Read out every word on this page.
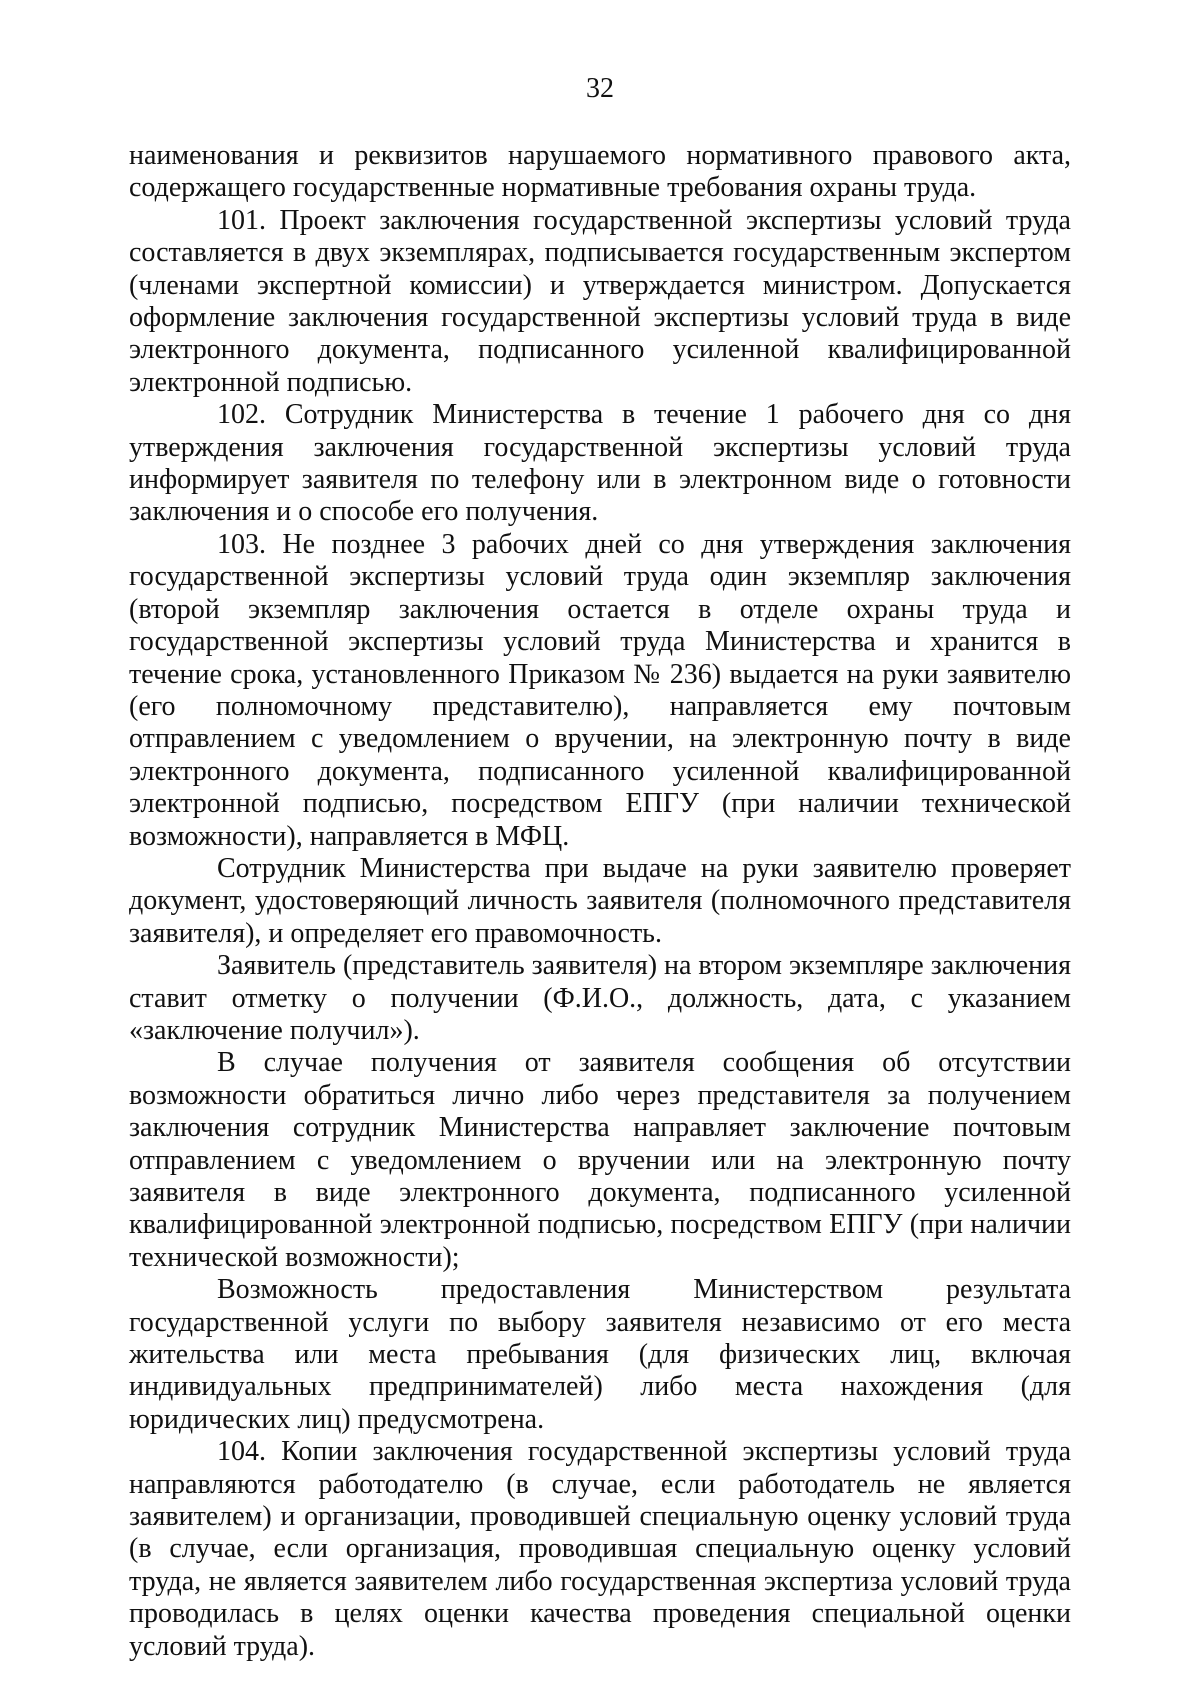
32

наименования и реквизитов нарушаемого нормативного правового акта, содержащего государственные нормативные требования охраны труда.

101. Проект заключения государственной экспертизы условий труда составляется в двух экземплярах, подписывается государственным экспертом (членами экспертной комиссии) и утверждается министром. Допускается оформление заключения государственной экспертизы условий труда в виде электронного документа, подписанного усиленной квалифицированной электронной подписью.

102. Сотрудник Министерства в течение 1 рабочего дня со дня утверждения заключения государственной экспертизы условий труда информирует заявителя по телефону или в электронном виде о готовности заключения и о способе его получения.

103. Не позднее 3 рабочих дней со дня утверждения заключения государственной экспертизы условий труда один экземпляр заключения (второй экземпляр заключения остается в отделе охраны труда и государственной экспертизы условий труда Министерства и хранится в течение срока, установленного Приказом № 236) выдается на руки заявителю (его полномочному представителю), направляется ему почтовым отправлением с уведомлением о вручении, на электронную почту в виде электронного документа, подписанного усиленной квалифицированной электронной подписью, посредством ЕПГУ (при наличии технической возможности), направляется в МФЦ.

Сотрудник Министерства при выдаче на руки заявителю проверяет документ, удостоверяющий личность заявителя (полномочного представителя заявителя), и определяет его правомочность.

Заявитель (представитель заявителя) на втором экземпляре заключения ставит отметку о получении (Ф.И.О., должность, дата, с указанием «заключение получил»).

В случае получения от заявителя сообщения об отсутствии возможности обратиться лично либо через представителя за получением заключения сотрудник Министерства направляет заключение почтовым отправлением с уведомлением о вручении или на электронную почту заявителя в виде электронного документа, подписанного усиленной квалифицированной электронной подписью, посредством ЕПГУ (при наличии технической возможности);

Возможность предоставления Министерством результата государственной услуги по выбору заявителя независимо от его места жительства или места пребывания (для физических лиц, включая индивидуальных предпринимателей) либо места нахождения (для юридических лиц) предусмотрена.

104. Копии заключения государственной экспертизы условий труда направляются работодателю (в случае, если работодатель не является заявителем) и организации, проводившей специальную оценку условий труда (в случае, если организация, проводившая специальную оценку условий труда, не является заявителем либо государственная экспертиза условий труда проводилась в целях оценки качества проведения специальной оценки условий труда).
